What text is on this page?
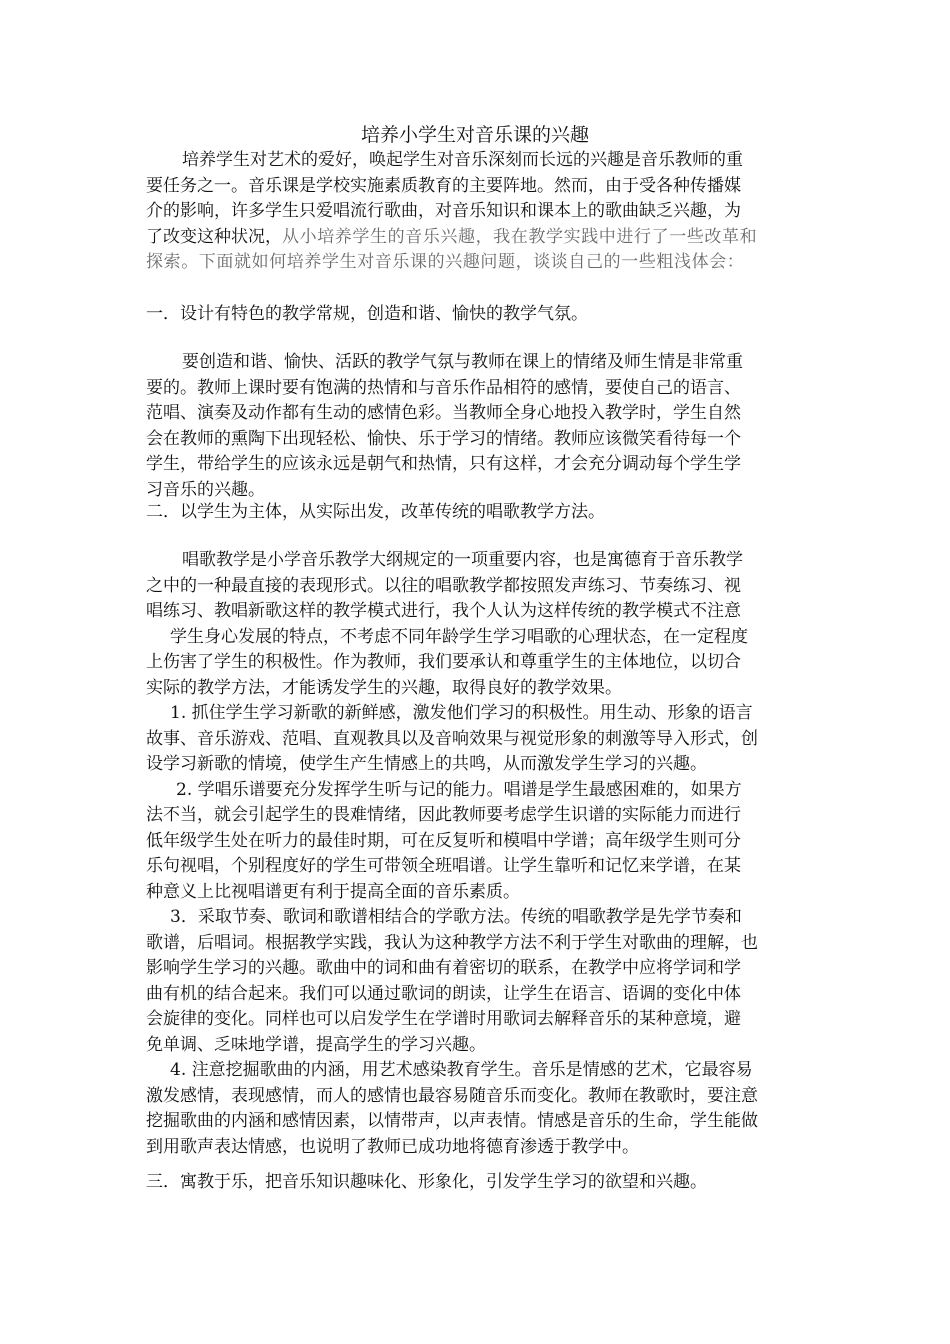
培养小学生对音乐课的兴趣
培养学生对艺术的爱好，唤起学生对音乐深刻而长远的兴趣是音乐教师的重
要任务之一。音乐课是学校实施素质教育的主要阵地。然而，由于受各种传播媒
介的影响，许多学生只爱唱流行歌曲，对音乐知识和课本上的歌曲缺乏兴趣，为
了改变这种状况，从小培养学生的音乐兴趣，我在教学实践中进行了一些改革和
探索。下面就如何培养学生对音乐课的兴趣问题，谈谈自己的一些粗浅体会：
一．设计有特色的教学常规，创造和谐、愉快的教学气氛。
要创造和谐、愉快、活跃的教学气氛与教师在课上的情绪及师生情是非常重
要的。教师上课时要有饱满的热情和与音乐作品相符的感情，要使自己的语言、
范唱、演奏及动作都有生动的感情色彩。当教师全身心地投入教学时，学生自然
会在教师的熏陶下出现轻松、愉快、乐于学习的情绪。教师应该微笑看待每一个
学生，带给学生的应该永远是朝气和热情，只有这样，才会充分调动每个学生学
习音乐的兴趣。
二．以学生为主体，从实际出发，改革传统的唱歌教学方法。
唱歌教学是小学音乐教学大纲规定的一项重要内容，也是寓德育于音乐教学
之中的一种最直接的表现形式。以往的唱歌教学都按照发声练习、节奏练习、视
唱练习、教唱新歌这样的教学模式进行，我个人认为这样传统的教学模式不注意
学生身心发展的特点，不考虑不同年龄学生学习唱歌的心理状态，在一定程度
上伤害了学生的积极性。作为教师，我们要承认和尊重学生的主体地位，以切合
实际的教学方法，才能诱发学生的兴趣，取得良好的教学效果。
1. 抓住学生学习新歌的新鲜感，激发他们学习的积极性。用生动、形象的语言
故事、音乐游戏、范唱、直观教具以及音响效果与视觉形象的刺激等导入形式，创
设学习新歌的情境，使学生产生情感上的共鸣，从而激发学生学习的兴趣。
2. 学唱乐谱要充分发挥学生听与记的能力。唱谱是学生最感困难的，如果方
法不当，就会引起学生的畏难情绪，因此教师要考虑学生识谱的实际能力而进行
低年级学生处在听力的最佳时期，可在反复听和模唱中学谱；高年级学生则可分
乐句视唱，个别程度好的学生可带领全班唱谱。让学生靠听和记忆来学谱，在某
种意义上比视唱谱更有利于提高全面的音乐素质。
3．采取节奏、歌词和歌谱相结合的学歌方法。传统的唱歌教学是先学节奏和
歌谱，后唱词。根据教学实践，我认为这种教学方法不利于学生对歌曲的理解，也
影响学生学习的兴趣。歌曲中的词和曲有着密切的联系，在教学中应将学词和学
曲有机的结合起来。我们可以通过歌词的朗读，让学生在语言、语调的变化中体
会旋律的变化。同样也可以启发学生在学谱时用歌词去解释音乐的某种意境，避
免单调、乏味地学谱，提高学生的学习兴趣。
4. 注意挖掘歌曲的内涵，用艺术感染教育学生。音乐是情感的艺术，它最容易
激发感情，表现感情，而人的感情也最容易随音乐而变化。教师在教歌时，要注意
挖掘歌曲的内涵和感情因素，以情带声，以声表情。情感是音乐的生命，学生能做
到用歌声表达情感，也说明了教师已成功地将德育渗透于教学中。
三．寓教于乐，把音乐知识趣味化、形象化，引发学生学习的欲望和兴趣。
